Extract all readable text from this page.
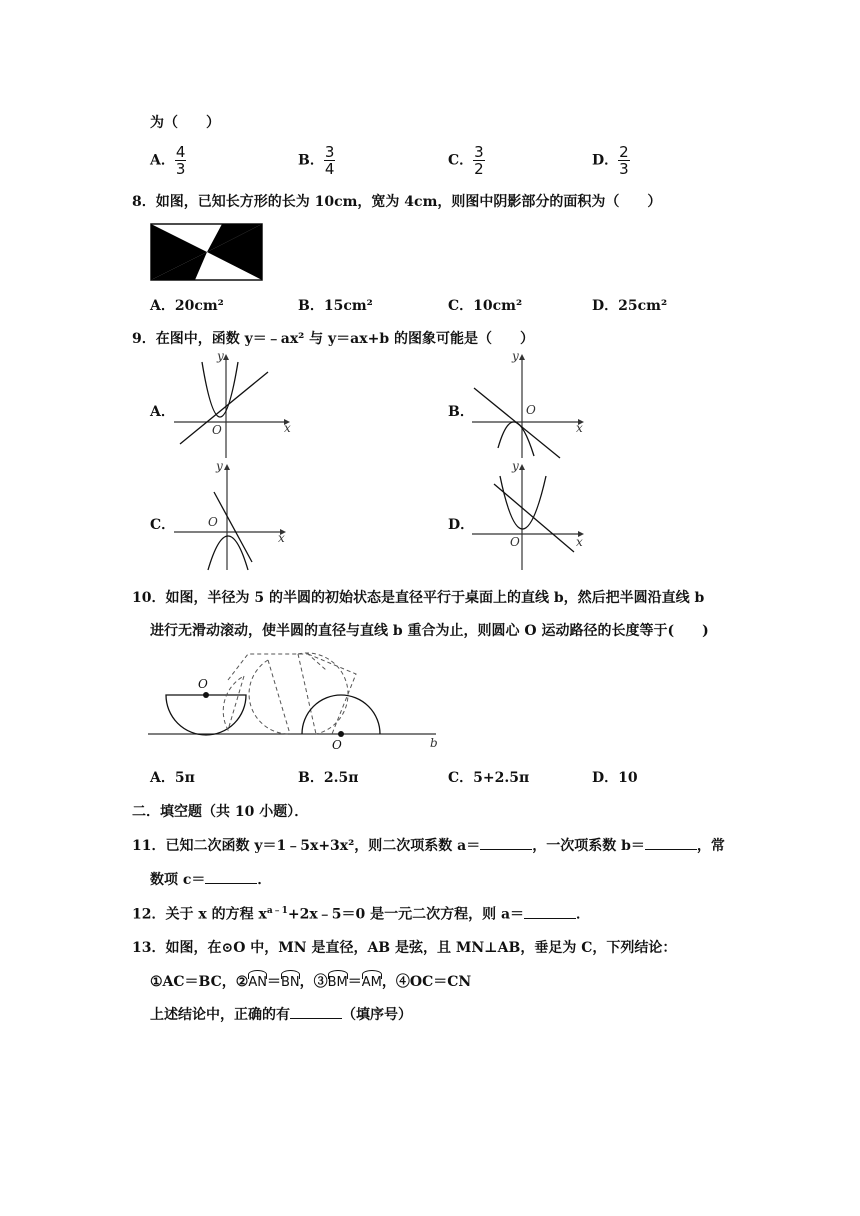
为（　　）
A． $\frac{4}{3}$	B． $\frac{3}{4}$	C． $\frac{3}{2}$	D． $\frac{2}{3}$
8．如图，已知长方形的长为 10cm，宽为 4cm，则图中阴影部分的面积为（　　）
A．20cm²	B．15cm²	C．10cm²	D．25cm²
9．在图中，函数 y＝﹣ax² 与 y＝ax+b 的图象可能是（　　）
A．
x
y
O
B．
x
y
O
C．
x
y
O	D．
x
y
O
10．如图，半径为 5 的半圆的初始状态是直径平行于桌面上的直线 b，然后把半圆沿直线 b
进行无滑动滚动，使半圆的直径与直线 b 重合为止，则圆心 O 运动路径的长度等于(　　)
O
O	b
A．5π	B．2.5π	C．5+2.5π	D．10
二．填空题（共 10 小题）．
11．已知二次函数 y＝1﹣5x+3x²，则二次项系数 a＝	，一次项系数 b＝	，常
数项 c＝	．
12．关于 x 的方程 $x^{a﹣1}+2x﹣5=0$ 是一元二次方程，则 a＝	．
13．如图，在⊙O 中，MN 是直径，AB 是弦，且 MN⊥AB，垂足为 C，下列结论：
①AC＝BC，②AN＝BN，③BM＝AM，④OC＝CN
上述结论中，正确的有	（填序号）
